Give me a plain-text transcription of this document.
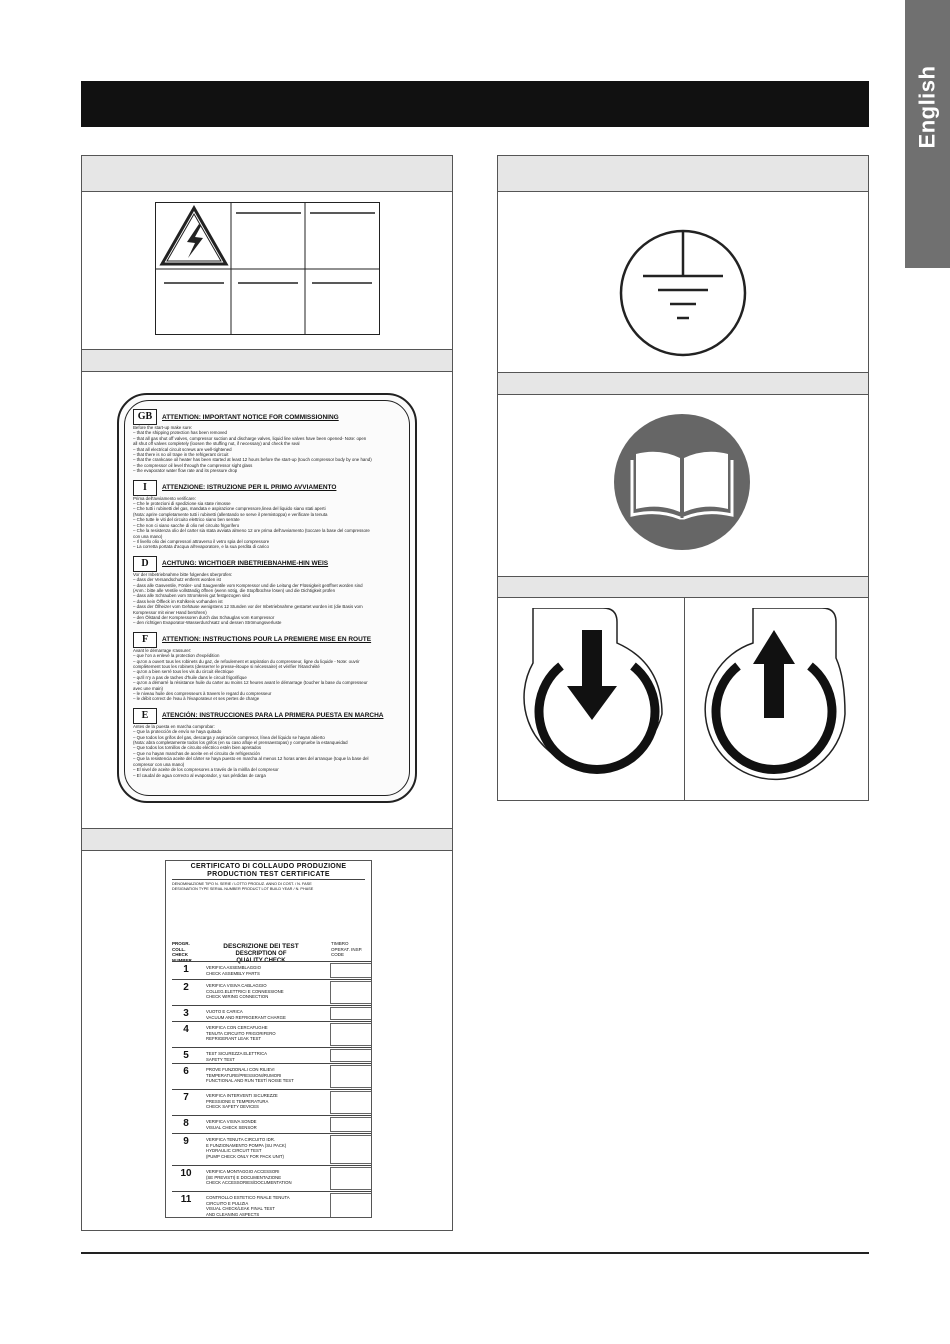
English
GB	ATTENTION: IMPORTANT NOTICE FOR COMMISSIONING
Before the start-up make sure:
– that the shipping protection has been removed
– that all gas shut off valves, compressor suction and discharge valves, liquid line valves have been opened- Note: open
all shut off valves completely (loosen the stuffing nut, if necessary) and check the seal
– that all electrical circuit screws are well-tightened
– that there is no oil trape in the refrigerant circuit
– that the crankcase oil heater has been started at least 12 hours before the start-up (touch compressor body by one hand)
– the compressor oil level through the compressor sight glass
– the evaporator water flow rate and its pressure drop
I	ATTENZIONE: ISTRUZIONE PER IL PRIMO AVVIAMENTO
Prima dell'avviamento verificare:
– Che le protezioni di spedizione sia state rimosse
– Che tutti i rubinetti del gas, mandata e aspirazione compressore,linea del liquido siano stati aperti
(Nota: aprire completamente tutti i rubinetti (allentando se serve il premistoppa) e verificare la tenuta
– Che tutte le viti del circuito elettrico siano ben serrate
– Che non ci siano sacche di olio nel circuito frigorifero
– Che la resistenza olio del carter sia stata avviata almeno 12 ore prima dell'avviamento (toccare la base del compressore
con una mano)
– Il livello olio dei compressori attraverso il vetro spia del compressore
– La corretta portata d'acqua all'evaporatore, e la sua perdita di carico
D	ACHTUNG: WICHTIGER INBETRIEBNAHME-HIN WEIS
Vor der Inbetriebnahme bitte folgendes überprüfen:
– dass der Versandschutz entfernt worden ist
– dass alle Gasventile, Förder- und Saugventile vom Kompressor und die Leitung der Flüssigkeit geöffnet worden sind
(Anm.: bitte alle Ventile vollständig öffnen (wenn nötig, die Stopfbüchse lösen) und die Dichtigkeit prüfen
– dass alle Schrauben vom Stromkreis gut festgezogen sind
– dass kein Ölfleck im Kühlkreis vorhanden ist
– dass der Ölheizer vom Gehäuse wenigstens 12 Stunden vor der Inbetriebnahme gestartet worden ist (die Basis vom
Kompressor mit einer Hand berühren)
– den Ölstand der Kompressoren durch das Schauglas vom Kompressor
– den richtigen Evaporator-Wasserdurchsatz und dessen Strömungsverluste
F	ATTENTION: INSTRUCTIONS POUR LA PREMIERE MISE EN ROUTE
Avant le démarrage s'assurer:
– que l'on a enlevé la protection d'expédition
– qu'on a ouvert tous les robinets du gaz, de refoulement et aspiration du compresseur, ligne du liquide - Note: ouvrir
complètement tous les robinets (desserrer le presse-étoupe si nécessaire) et vérifier l'étanchéité
– qu'on a bien serré tous les vis du circuit électrique
– qu'il n'y a pas de taches d'huile dans le circuit frigorifique
– qu'on a démarré la résistance huile du carter au moins 12 heures avant le démarrage (toucher la base du compresseur
avec une main)
– le niveau huile des compresseurs à travers le regard du compresseur
– le débit correct de l'eau à l'évaporateur et ses pertes de charge
E	ATENCIÓN: INSTRUCCIONES PARA LA PRIMERA PUESTA EN MARCHA
Antes de la puesta en marcha comprobar:
– Que la protección de envío se haya quitado
– Que todos los grifos del gas, descarga y aspiración compresor, línea del líquido se hayan abierto
(Nota: abra completamente todos los grifos (en su caso afloje el prensaestopas) y compruebe la estanqueidad
– Que todos los tornillos de circuito eléctrico estén bien apretados
– Que no hayan manchas de aceite en el circuito de refrigeración
– Que la resistencia aceite del cárter se haya puesto en marcha al menos 12 horas antes del arranque (toque la base del
compresor con una mano)
– El nivel de aceite de los compresores a través de la mirilla del compresor
– El caudal de agua correcto al evaporador, y sus pérdidas de carga
CERTIFICATO DI COLLAUDO PRODUZIONE
PRODUCTION TEST CERTIFICATE
DENOMINAZIONE TIPO N. SERIE / LOTTO PRODUZ. ANNO DI COST. / N. FASE
DESIGNATION TYPE SERIAL NUMBER PRODUCT LOT BUILD YEAR / N. PHASE
PROGR. COLL. CHECK NUMBER
DESCRIZIONE DEI TEST
DESCRIPTION OF QUALITY CHECK
TIMBRO OPERAT. INSP. CODE
1	VERIFICA ASSEMBLAGGIO
CHECK ASSEMBLY PARTS
2	VERIFICA VISIVA CABLAGGIO
COLLEG.ELETTRICI E CONNESSIONE
CHECK WIRING CONNECTION
3	VUOTO E CARICA
VACUUM AND REFRIGERANT CHARGE
4	VERIFICA CON CERCAFUGHE
TENUTA CIRCUITO FRIGORIFERO
REFRIGERANT LEAK TEST
5	TEST SICUREZZA ELETTRICA
SAFETY TEST
6	PROVE FUNZIONALI CON RILIEVI
TEMPERATURE/PRESSIONI/RUMORI
FUNCTIONAL AND RUN TEST/ NOISE TEST
7	VERIFICA INTERVENTI SICUREZZE
PRESSIONE E TEMPERATURA
CHECK SAFETY DEVICES
8	VERIFICA VISIVA SONDE
VISUAL CHECK SENSOR
9	VERIFICA TENUTA CIRCUITO IDR.
E FUNZIONAMENTO POMPA (SU PACK)
HYDRAULIC CIRCUIT TEST
(PUMP CHECK ONLY FOR PACK UNIT)
10	VERIFICA MONTAGGIO ACCESSORI
(SE PREVISTI) E DOCUMENTAZIONE
CHECK ACCESSORIES/DOCUMENTATION
11	CONTROLLO ESTETICO FINALE TENUTA
CIRCUITO E PULIZIA
VISUAL CHECK/LEAK FINAL TEST
AND CLEANING ASPECTS
